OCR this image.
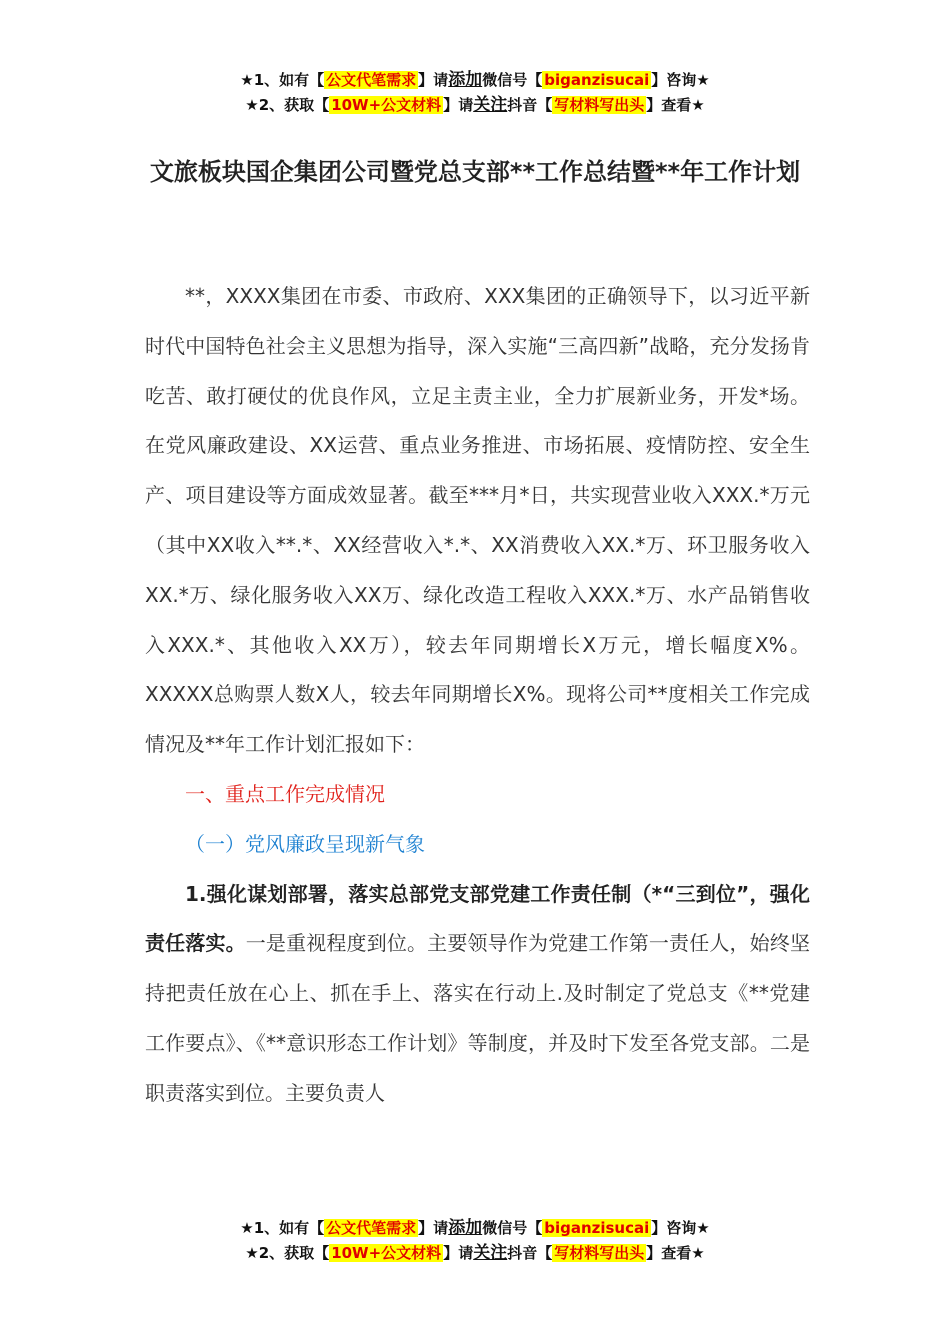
★1、如有【 公文代笔需求 】请添加微信号【 biganzisucai 】咨询★
★2、获取【 10W+公文材料 】请关注抖音【 写材料写出头 】查看★
文旅板块国企集团公司暨党总支部**工作总结暨**年工作计划

**，XXXX集团在市委、市政府、XXX集团的正确领导下，以习近平新时代中国特色社会主义思想为指导，深入实施“三高四新”战略，充分发扬肯吃苦、敢打硬仗的优良作风，立足主责主业，全力扩展新业务，开发*场。在党风廉政建设、XX运营、重点业务推进、市场拓展、疫情防控、安全生产、项目建设等方面成效显著。截至***月*日，共实现营业收入XXX.*万元（其中XX收入**.*、XX经营收入*.*、XX消费收入XX.*万、环卫服务收入XX.*万、绿化服务收入XX万、绿化改造工程收入XXX.*万、水产品销售收入XXX.*、其他收入XX万），较去年同期增长X万元，增长幅度X%。XXXXX总购票人数X人，较去年同期增长X%。现将公司**度相关工作完成情况及**年工作计划汇报如下：

一、重点工作完成情况

（一）党风廉政呈现新气象

1.强化谋划部署，落实总部党支部党建工作责任制（*“三到位”，强化责任落实。一是重视程度到位。主要领导作为党建工作第一责任人，始终坚持把责任放在心上、抓在手上、落实在行动上.及时制定了党总支《**党建工作要点》、《**意识形态工作计划》等制度，并及时下发至各党支部。二是职责落实到位。主要负责人

★1、如有【 公文代笔需求 】请添加微信号【 biganzisucai 】咨询★
★2、获取【 10W+公文材料 】请关注抖音【 写材料写出头 】查看★
